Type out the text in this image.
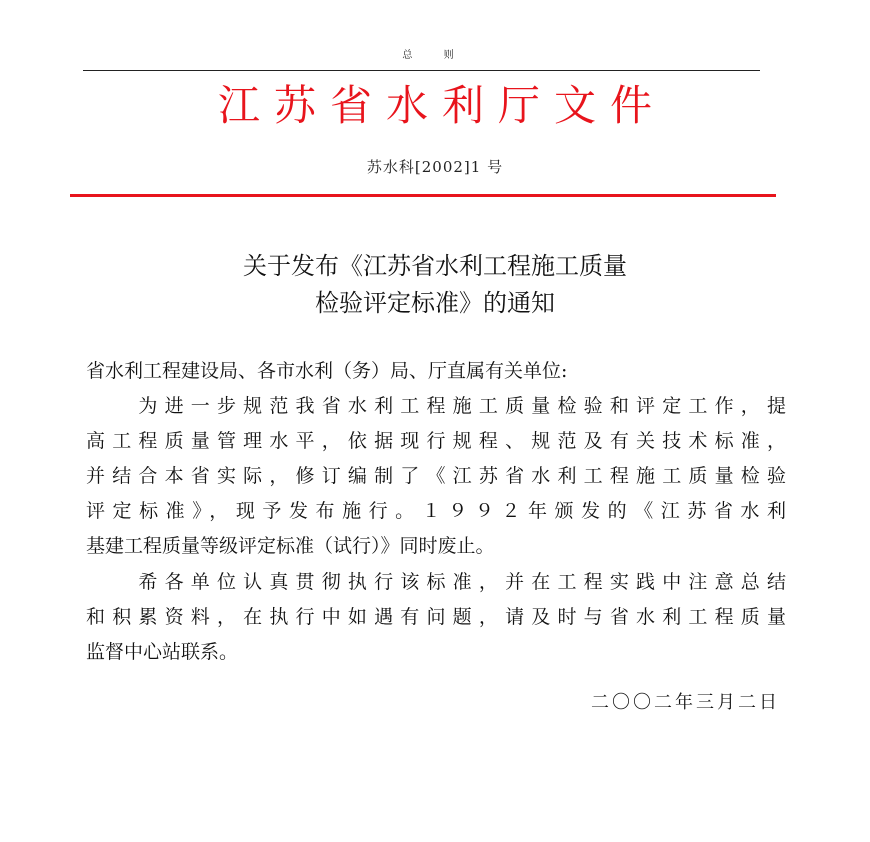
总 则
江苏省水利厅文件
苏水科[2002]1 号
关于发布《江苏省水利工程施工质量
检验评定标准》的通知
省水利工程建设局、各市水利（务）局、厅直属有关单位:
　　为进一步规范我省水利工程施工质量检验和评定工作，提
高工程质量管理水平，依据现行规程、规范及有关技术标准，
并结合本省实际，修订编制了《江苏省水利工程施工质量检验
评定标准》，现予发布施行。１９９２年颁发的《江苏省水利
基建工程质量等级评定标准（试行）》同时废止。
　　希各单位认真贯彻执行该标准，并在工程实践中注意总结
和积累资料，在执行中如遇有问题，请及时与省水利工程质量
监督中心站联系。
二〇〇二年三月二日
